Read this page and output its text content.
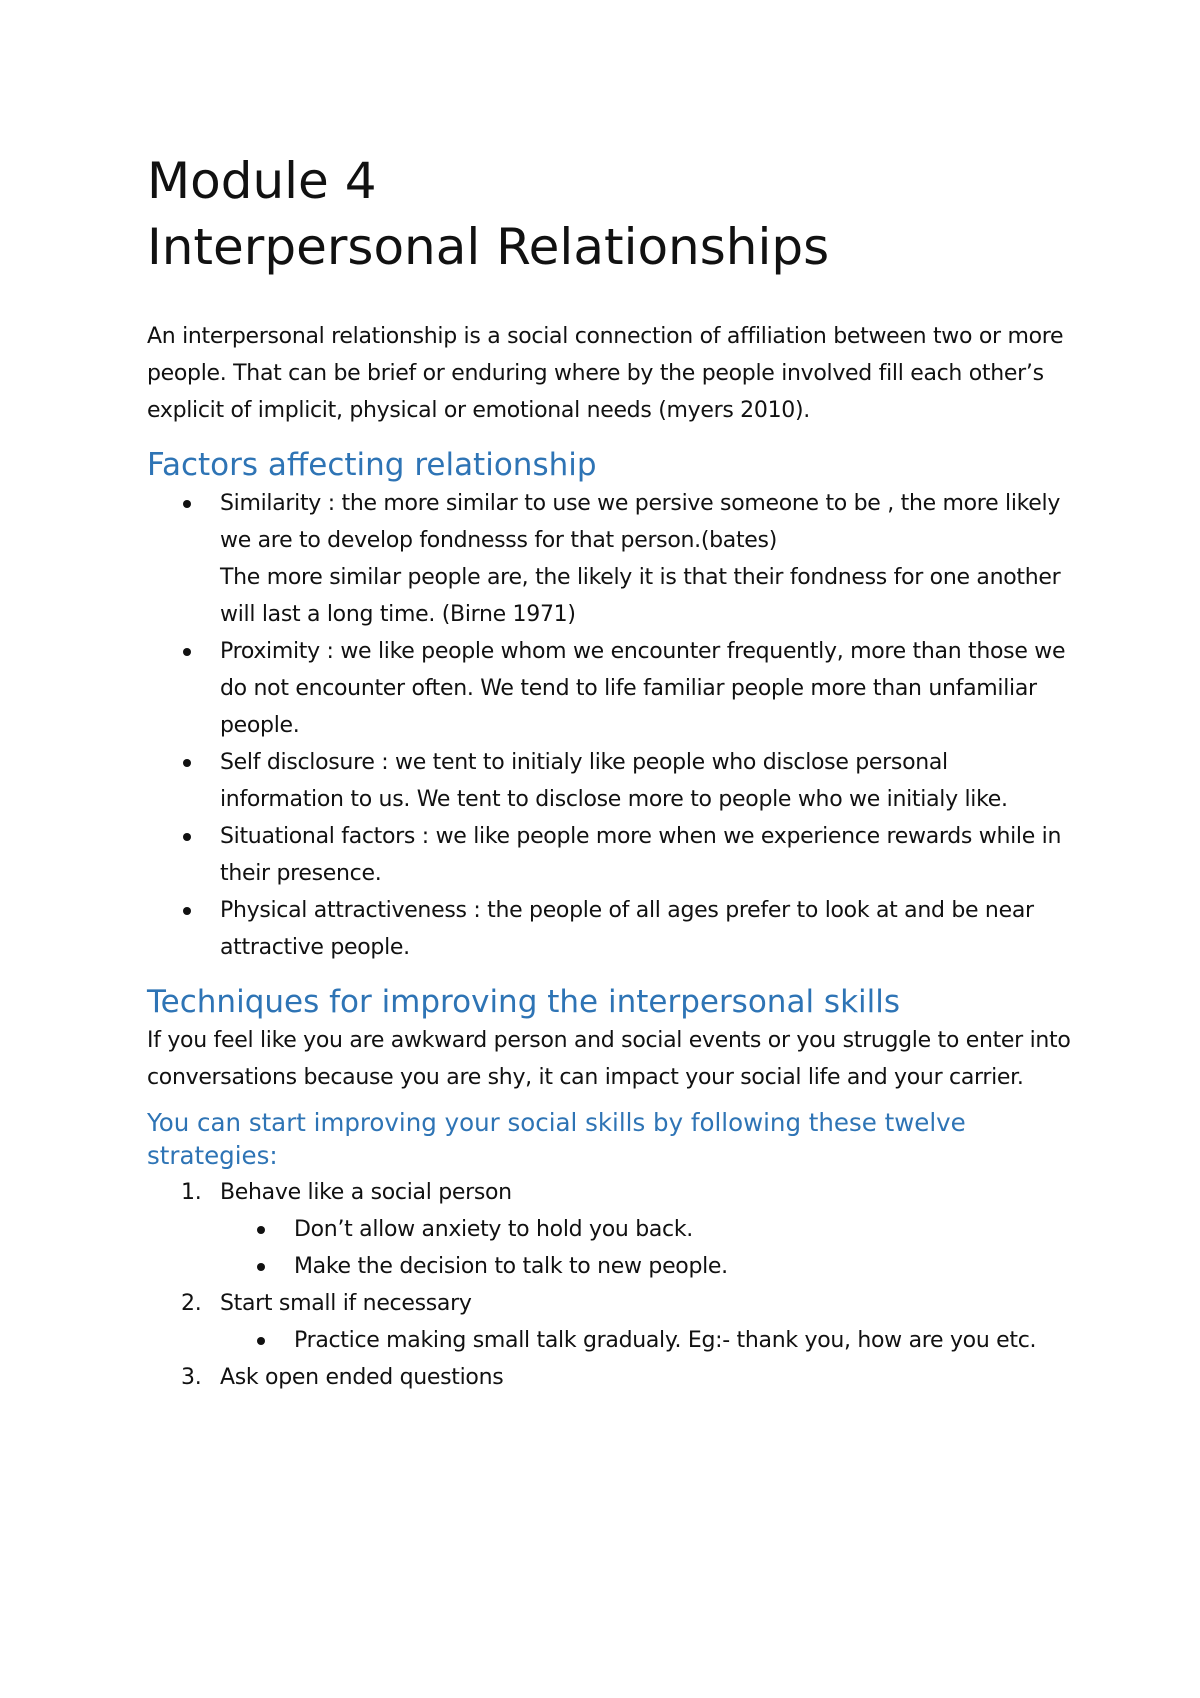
Module 4
Interpersonal Relationships

An interpersonal relationship is a social connection of affiliation between two or more people. That can be brief or enduring where by the people involved fill each other’s explicit of implicit, physical or emotional needs (myers 2010).

Factors affecting relationship
Similarity : the more similar to use we persive someone to be , the more likely we are to develop fondnesss for that person.(bates)
The more similar people are, the likely it is that their fondness for one another will last a long time. (Birne 1971)
Proximity : we like people whom we encounter frequently, more than those we do not encounter often. We tend to life familiar people more than unfamiliar people.
Self disclosure : we tent to initialy like people who disclose personal information to us. We tent to disclose more to people who we initialy like.
Situational factors : we like people more when we experience rewards while in their presence.
Physical attractiveness : the people of all ages prefer to look at and be near attractive people.
Techniques for improving the interpersonal skills

If you feel like you are awkward person and social events or you struggle to enter into conversations because you are shy, it can impact your social life and your carrier.

You can start improving your social skills by following these twelve strategies:
1. Behave like a social person
Don’t allow anxiety to hold you back.
Make the decision to talk to new people.
2. Start small if necessary
Practice making small talk gradualy. Eg:- thank you, how are you etc.
3. Ask open ended questions
